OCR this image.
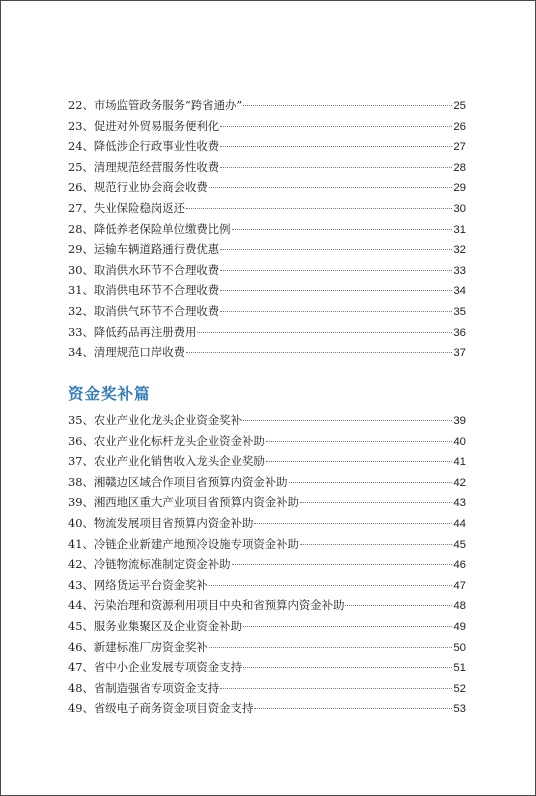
22、市场监管政务服务“跨省通办”	25
23、促进对外贸易服务便利化	26
24、降低涉企行政事业性收费	27
25、清理规范经营服务性收费	28
26、规范行业协会商会收费	29
27、失业保险稳岗返还	30
28、降低养老保险单位缴费比例	31
29、运输车辆道路通行费优惠	32
30、取消供水环节不合理收费	33
31、取消供电环节不合理收费	34
32、取消供气环节不合理收费	35
33、降低药品再注册费用	36
34、清理规范口岸收费	37
资金奖补篇
35、农业产业化龙头企业资金奖补	39
36、农业产业化标杆龙头企业资金补助	40
37、农业产业化销售收入龙头企业奖励	41
38、湘赣边区域合作项目省预算内资金补助	42
39、湘西地区重大产业项目省预算内资金补助	43
40、物流发展项目省预算内资金补助	44
41、冷链企业新建产地预冷设施专项资金补助	45
42、冷链物流标准制定资金补助	46
43、网络货运平台资金奖补	47
44、污染治理和资源利用项目中央和省预算内资金补助	48
45、服务业集聚区及企业资金补助	49
46、新建标准厂房资金奖补	50
47、省中小企业发展专项资金支持	51
48、省制造强省专项资金支持	52
49、省级电子商务资金项目资金支持	53
